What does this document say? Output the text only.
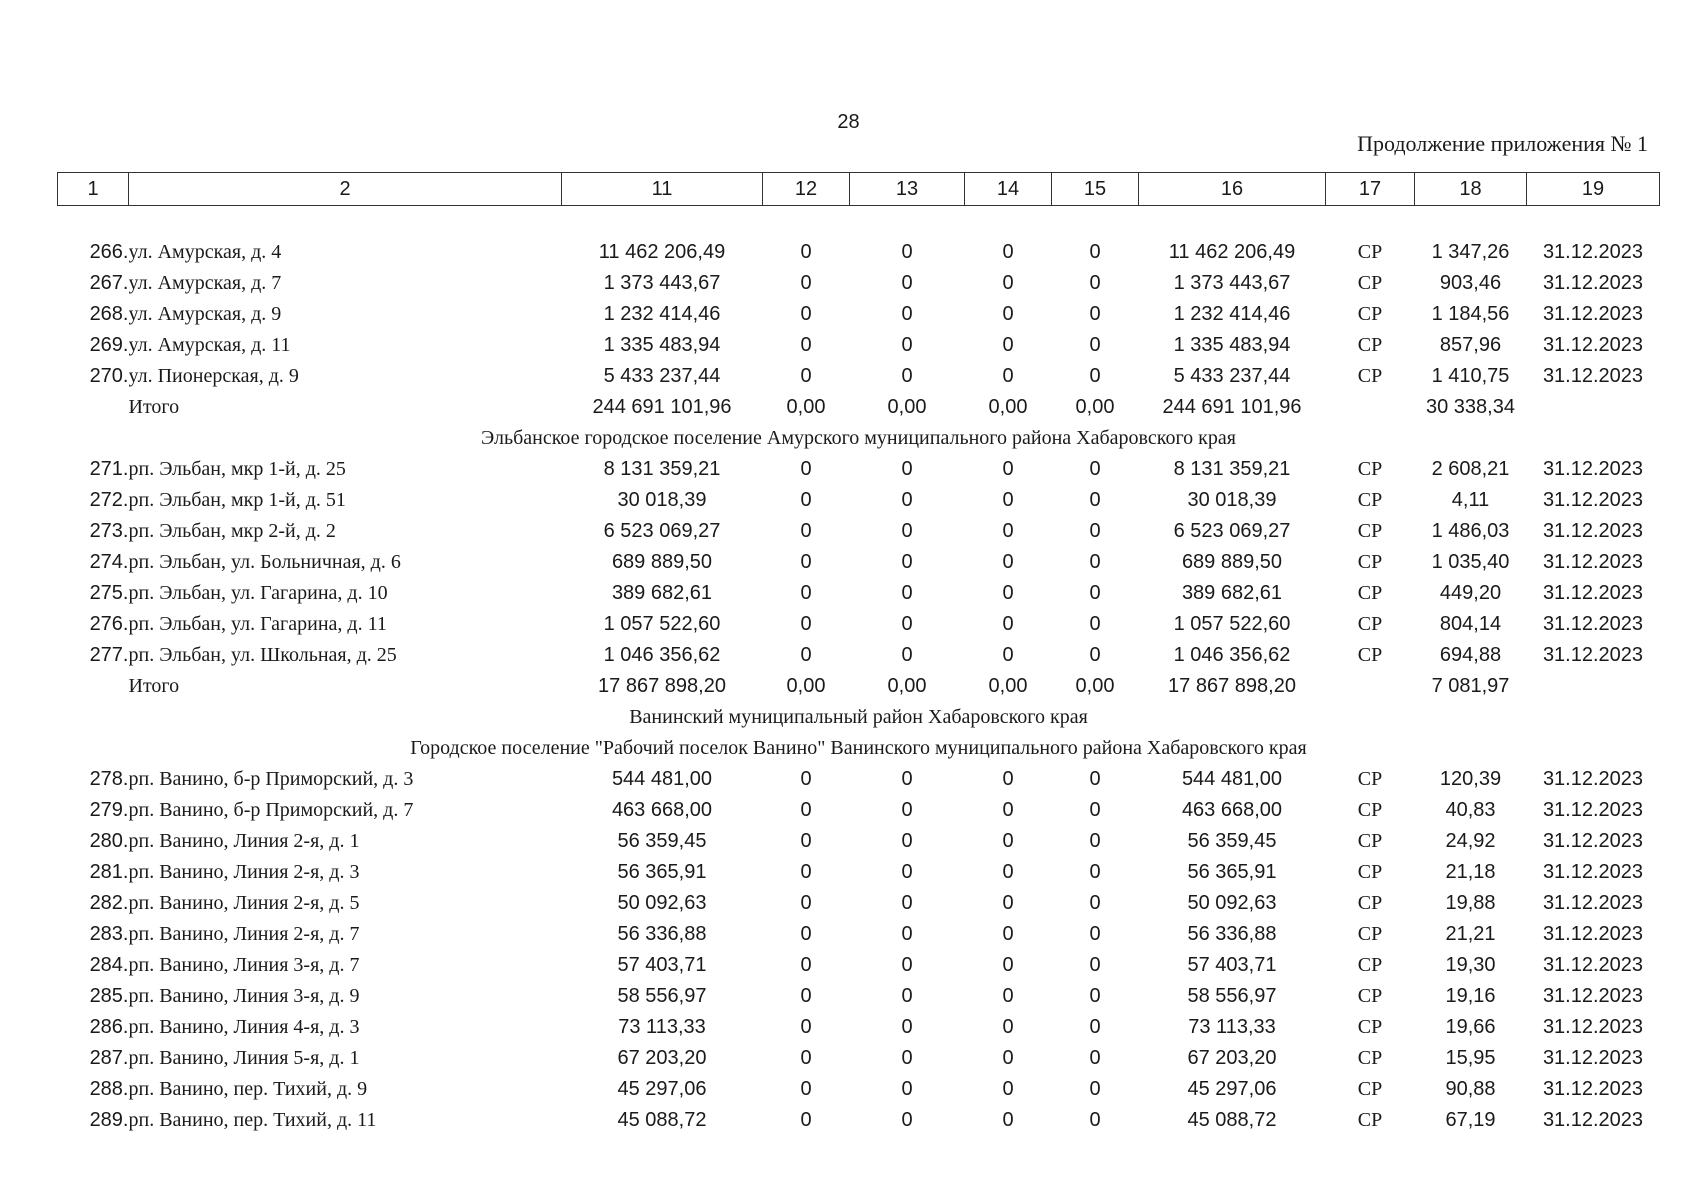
28
Продолжение приложения № 1
1	2	11	12	13	14	15	16	17	18	19

266.	ул. Амурская, д. 4	11 462 206,49	0	0	0	0	11 462 206,49	СР	1 347,26	31.12.2023
267.	ул. Амурская, д. 7	1 373 443,67	0	0	0	0	1 373 443,67	СР	903,46	31.12.2023
268.	ул. Амурская, д. 9	1 232 414,46	0	0	0	0	1 232 414,46	СР	1 184,56	31.12.2023
269.	ул. Амурская, д. 11	1 335 483,94	0	0	0	0	1 335 483,94	СР	857,96	31.12.2023
270.	ул. Пионерская, д. 9	5 433 237,44	0	0	0	0	5 433 237,44	СР	1 410,75	31.12.2023
	Итого	244 691 101,96	0,00	0,00	0,00	0,00	244 691 101,96		30 338,34	
Эльбанское городское поселение Амурского муниципального района Хабаровского края										
271.	рп. Эльбан, мкр 1-й, д. 25	8 131 359,21	0	0	0	0	8 131 359,21	СР	2 608,21	31.12.2023
272.	рп. Эльбан, мкр 1-й, д. 51	30 018,39	0	0	0	0	30 018,39	СР	4,11	31.12.2023
273.	рп. Эльбан, мкр 2-й, д. 2	6 523 069,27	0	0	0	0	6 523 069,27	СР	1 486,03	31.12.2023
274.	рп. Эльбан, ул. Больничная, д. 6	689 889,50	0	0	0	0	689 889,50	СР	1 035,40	31.12.2023
275.	рп. Эльбан, ул. Гагарина, д. 10	389 682,61	0	0	0	0	389 682,61	СР	449,20	31.12.2023
276.	рп. Эльбан, ул. Гагарина, д. 11	1 057 522,60	0	0	0	0	1 057 522,60	СР	804,14	31.12.2023
277.	рп. Эльбан, ул. Школьная, д. 25	1 046 356,62	0	0	0	0	1 046 356,62	СР	694,88	31.12.2023
	Итого	17 867 898,20	0,00	0,00	0,00	0,00	17 867 898,20		7 081,97	
Ванинский муниципальный район Хабаровского края										
Городское поселение "Рабочий поселок Ванино" Ванинского муниципального района Хабаровского края										
278.	рп. Ванино, б-р Приморский, д. 3	544 481,00	0	0	0	0	544 481,00	СР	120,39	31.12.2023
279.	рп. Ванино, б-р Приморский, д. 7	463 668,00	0	0	0	0	463 668,00	СР	40,83	31.12.2023
280.	рп. Ванино, Линия 2-я, д. 1	56 359,45	0	0	0	0	56 359,45	СР	24,92	31.12.2023
281.	рп. Ванино, Линия 2-я, д. 3	56 365,91	0	0	0	0	56 365,91	СР	21,18	31.12.2023
282.	рп. Ванино, Линия 2-я, д. 5	50 092,63	0	0	0	0	50 092,63	СР	19,88	31.12.2023
283.	рп. Ванино, Линия 2-я, д. 7	56 336,88	0	0	0	0	56 336,88	СР	21,21	31.12.2023
284.	рп. Ванино, Линия 3-я, д. 7	57 403,71	0	0	0	0	57 403,71	СР	19,30	31.12.2023
285.	рп. Ванино, Линия 3-я, д. 9	58 556,97	0	0	0	0	58 556,97	СР	19,16	31.12.2023
286.	рп. Ванино, Линия 4-я, д. 3	73 113,33	0	0	0	0	73 113,33	СР	19,66	31.12.2023
287.	рп. Ванино, Линия 5-я, д. 1	67 203,20	0	0	0	0	67 203,20	СР	15,95	31.12.2023
288.	рп. Ванино, пер. Тихий, д. 9	45 297,06	0	0	0	0	45 297,06	СР	90,88	31.12.2023
289.	рп. Ванино, пер. Тихий, д. 11	45 088,72	0	0	0	0	45 088,72	СР	67,19	31.12.2023
